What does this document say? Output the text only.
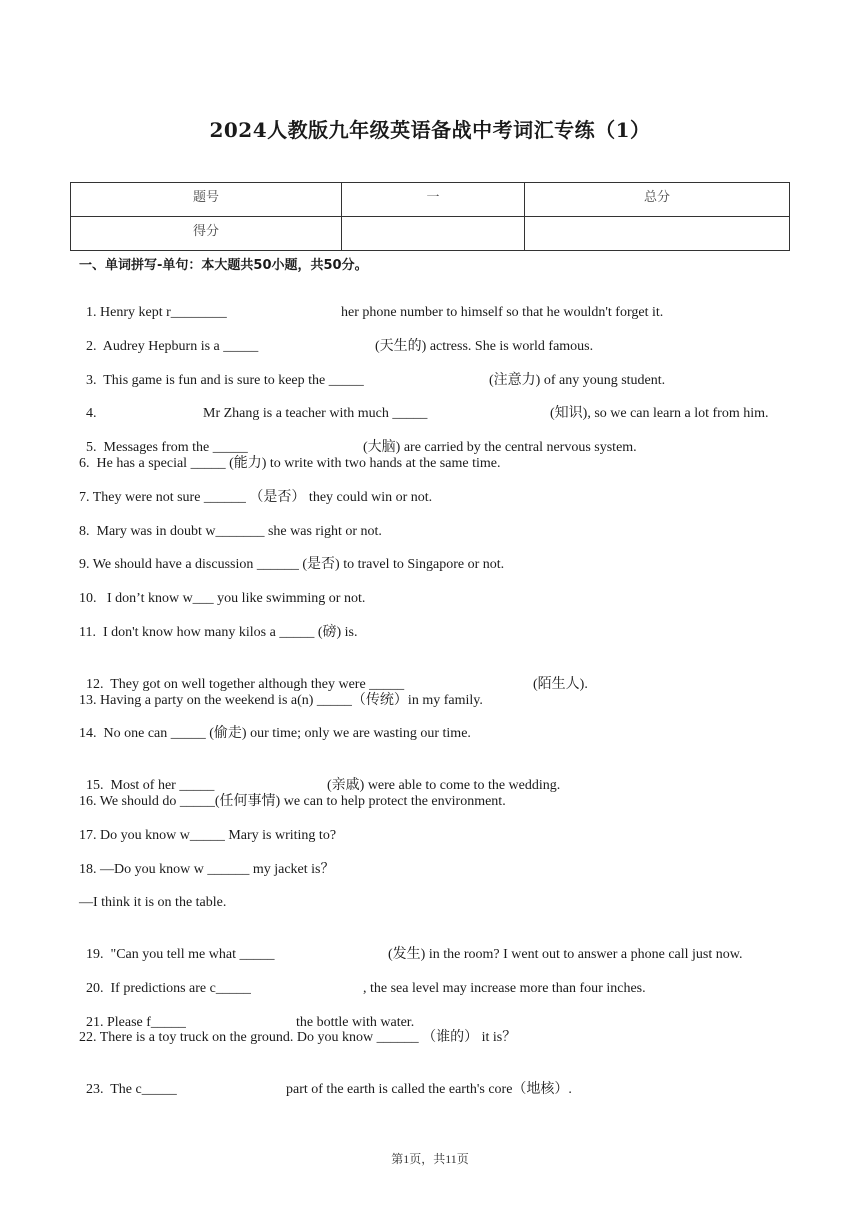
2024人教版九年级英语备战中考词汇专练（1）
题号	一	总分
得分		
一、单词拼写-单句：本大题共50小题，共50分。

1. Henry kept r________	her phone number to himself so that he wouldn't forget it.

2.  Audrey Hepburn is a _____	(天生的) actress. She is world famous.

3.  This game is fun and is sure to keep the _____	(注意力) of any young student.

4.	Mr Zhang is a teacher with much _____	(知识), so we can learn a lot from him.

5.  Messages from the _____	(大脑) are carried by the central nervous system.

6.  He has a special _____ (能力) to write with two hands at the same time.
7. They were not sure ______ （是否） they could win or not.
8.  Mary was in doubt w_______ she was right or not.
9. We should have a discussion ______ (是否) to travel to Singapore or not.
10.   I don’t know w___ you like swimming or not.
11.  I don't know how many kilos a _____ (磅) is.

12.  They got on well together although they were _____	(陌生人).

13. Having a party on the weekend is a(n) _____（传统）in my family.
14.  No one can _____ (偷走) our time; only we are wasting our time.

15.  Most of her _____	(亲戚) were able to come to the wedding.

16. We should do _____(任何事情) we can to help protect the environment.
17. Do you know w_____ Mary is writing to?
18. —Do you know w ______ my jacket is？
—I think it is on the table.

19.  "Can you tell me what _____	(发生) in the room? I went out to answer a phone call just now.

20.  If predictions are c_____	, the sea level may increase more than four inches.

21. Please f_____	the bottle with water.

22. There is a toy truck on the ground. Do you know ______ （谁的） it is？

23.  The c_____	part of the earth is called the earth's core（地核）.

第1页，共11页
